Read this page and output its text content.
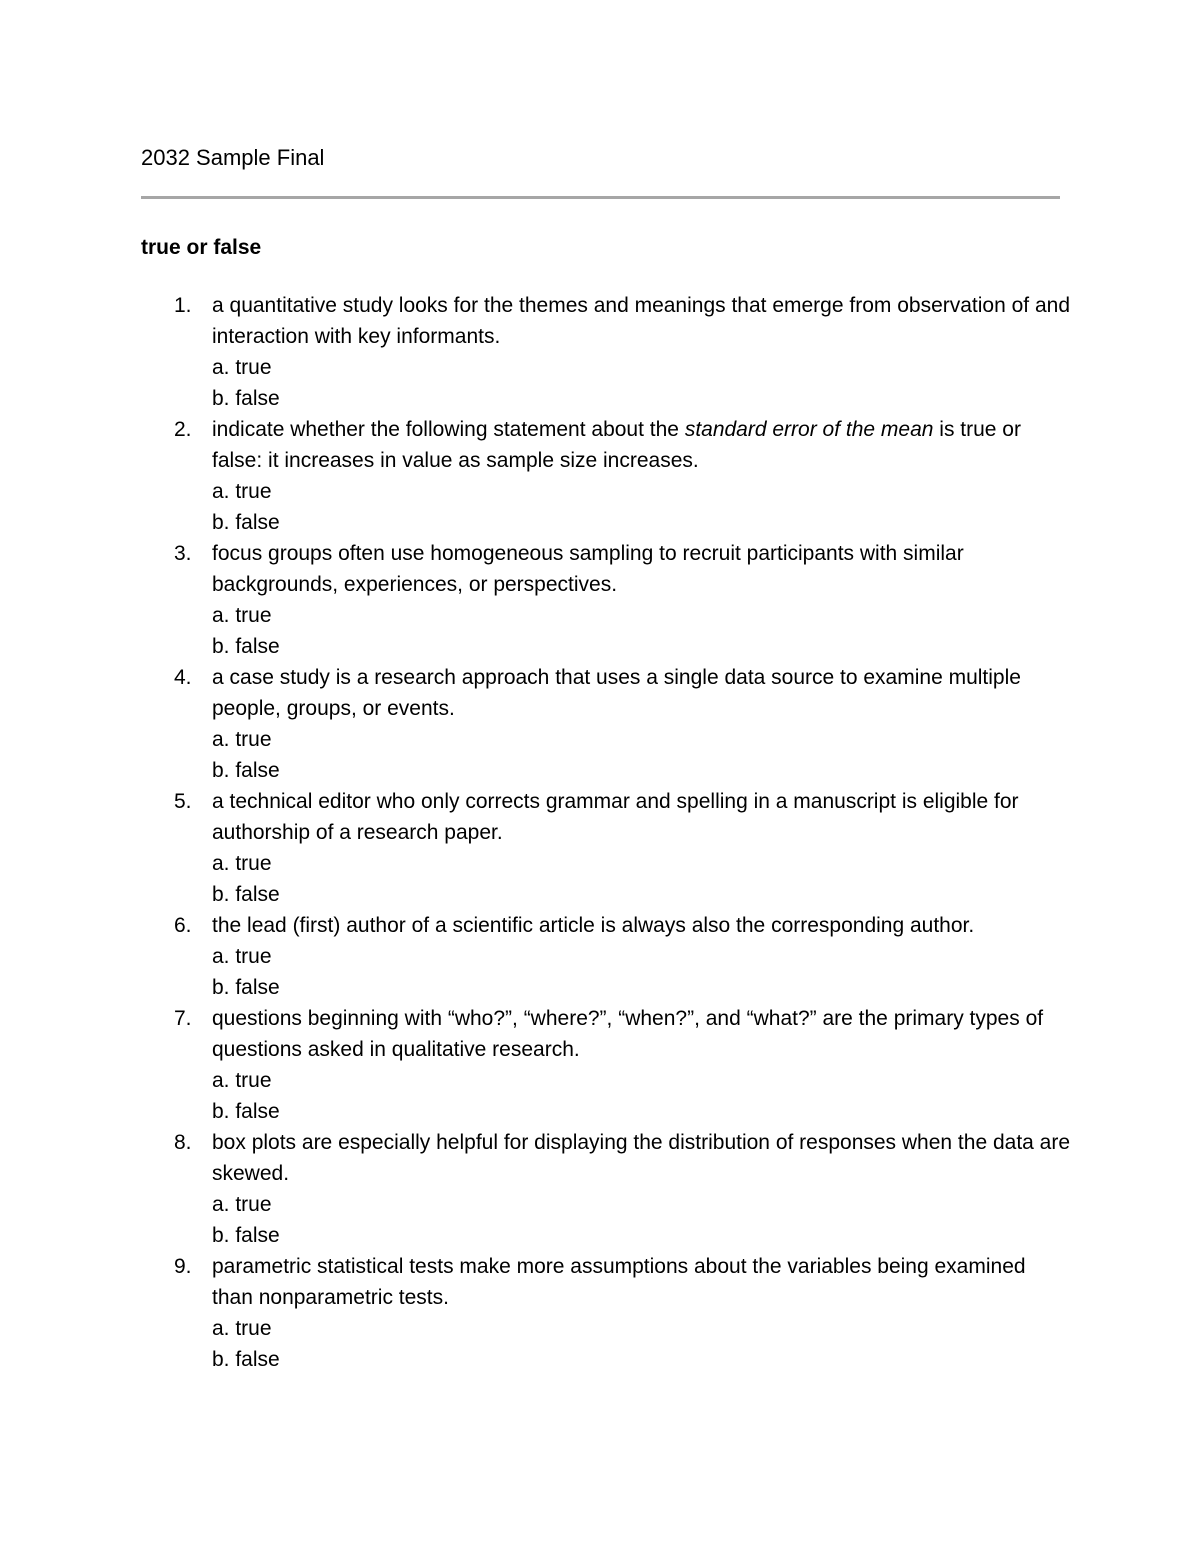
2032 Sample Final
true or false
1. a quantitative study looks for the themes and meanings that emerge from observation of and interaction with key informants.
a. true
b. false
2. indicate whether the following statement about the standard error of the mean is true or false: it increases in value as sample size increases.
a. true
b. false
3. focus groups often use homogeneous sampling to recruit participants with similar backgrounds, experiences, or perspectives.
a. true
b. false
4. a case study is a research approach that uses a single data source to examine multiple people, groups, or events.
a. true
b. false
5. a technical editor who only corrects grammar and spelling in a manuscript is eligible for authorship of a research paper.
a. true
b. false
6. the lead (first) author of a scientific article is always also the corresponding author.
a. true
b. false
7. questions beginning with “who?”, “where?”, “when?”, and “what?” are the primary types of questions asked in qualitative research.
a. true
b. false
8. box plots are especially helpful for displaying the distribution of responses when the data are skewed.
a. true
b. false
9. parametric statistical tests make more assumptions about the variables being examined than nonparametric tests.
a. true
b. false
